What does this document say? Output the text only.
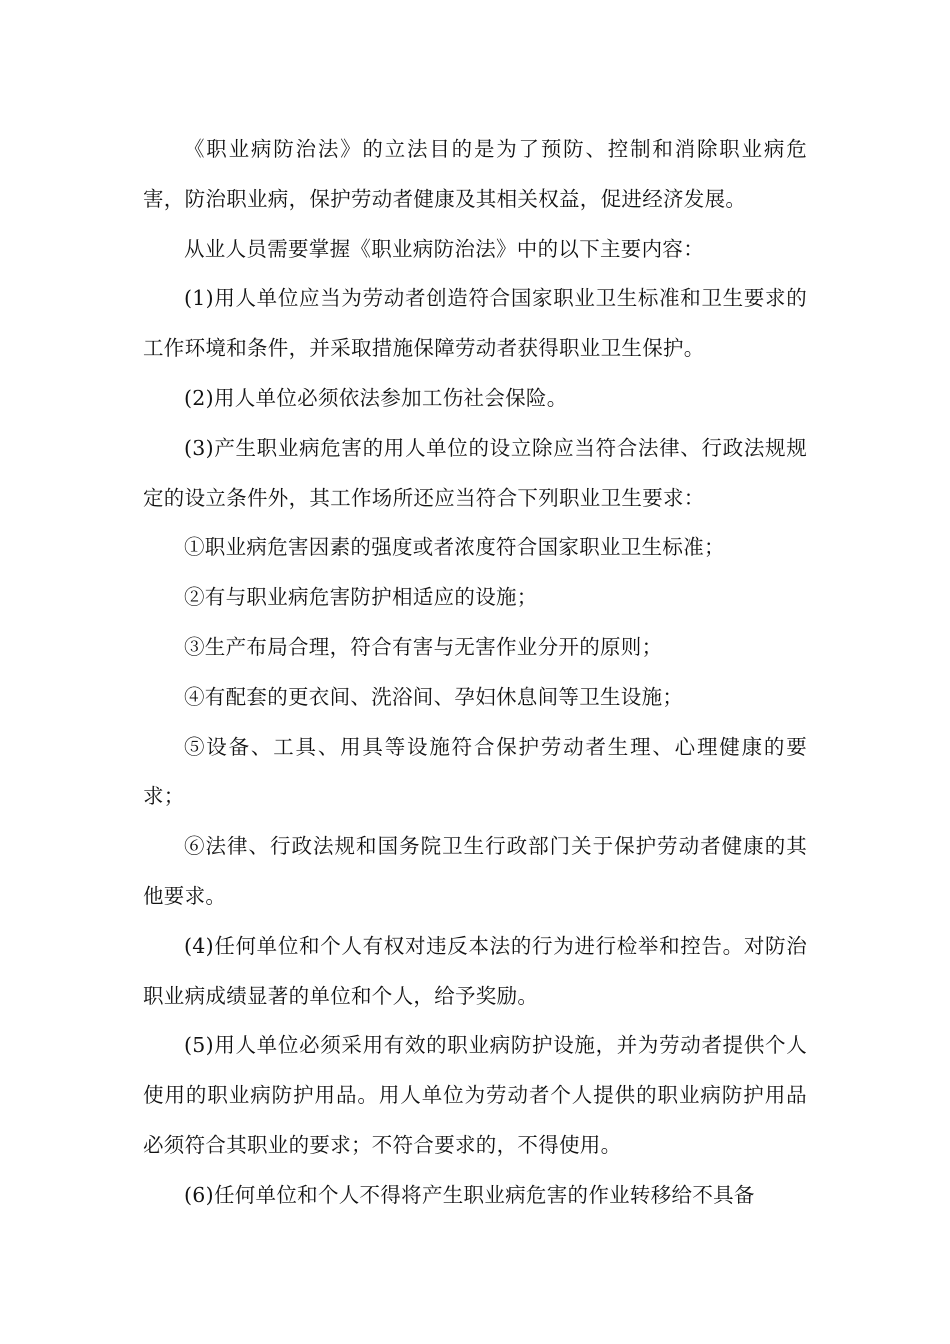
《职业病防治法》的立法目的是为了预防、控制和消除职业病危害，防治职业病，保护劳动者健康及其相关权益，促进经济发展。

从业人员需要掌握《职业病防治法》中的以下主要内容：

(1)用人单位应当为劳动者创造符合国家职业卫生标准和卫生要求的工作环境和条件，并采取措施保障劳动者获得职业卫生保护。

(2)用人单位必须依法参加工伤社会保险。

(3)产生职业病危害的用人单位的设立除应当符合法律、行政法规规定的设立条件外，其工作场所还应当符合下列职业卫生要求：

①职业病危害因素的强度或者浓度符合国家职业卫生标准；

②有与职业病危害防护相适应的设施；

③生产布局合理，符合有害与无害作业分开的原则；

④有配套的更衣间、洗浴间、孕妇休息间等卫生设施；

⑤设备、工具、用具等设施符合保护劳动者生理、心理健康的要求；

⑥法律、行政法规和国务院卫生行政部门关于保护劳动者健康的其他要求。

(4)任何单位和个人有权对违反本法的行为进行检举和控告。对防治职业病成绩显著的单位和个人，给予奖励。

(5)用人单位必须采用有效的职业病防护设施，并为劳动者提供个人使用的职业病防护用品。用人单位为劳动者个人提供的职业病防护用品必须符合其职业的要求；不符合要求的，不得使用。

(6)任何单位和个人不得将产生职业病危害的作业转移给不具备
